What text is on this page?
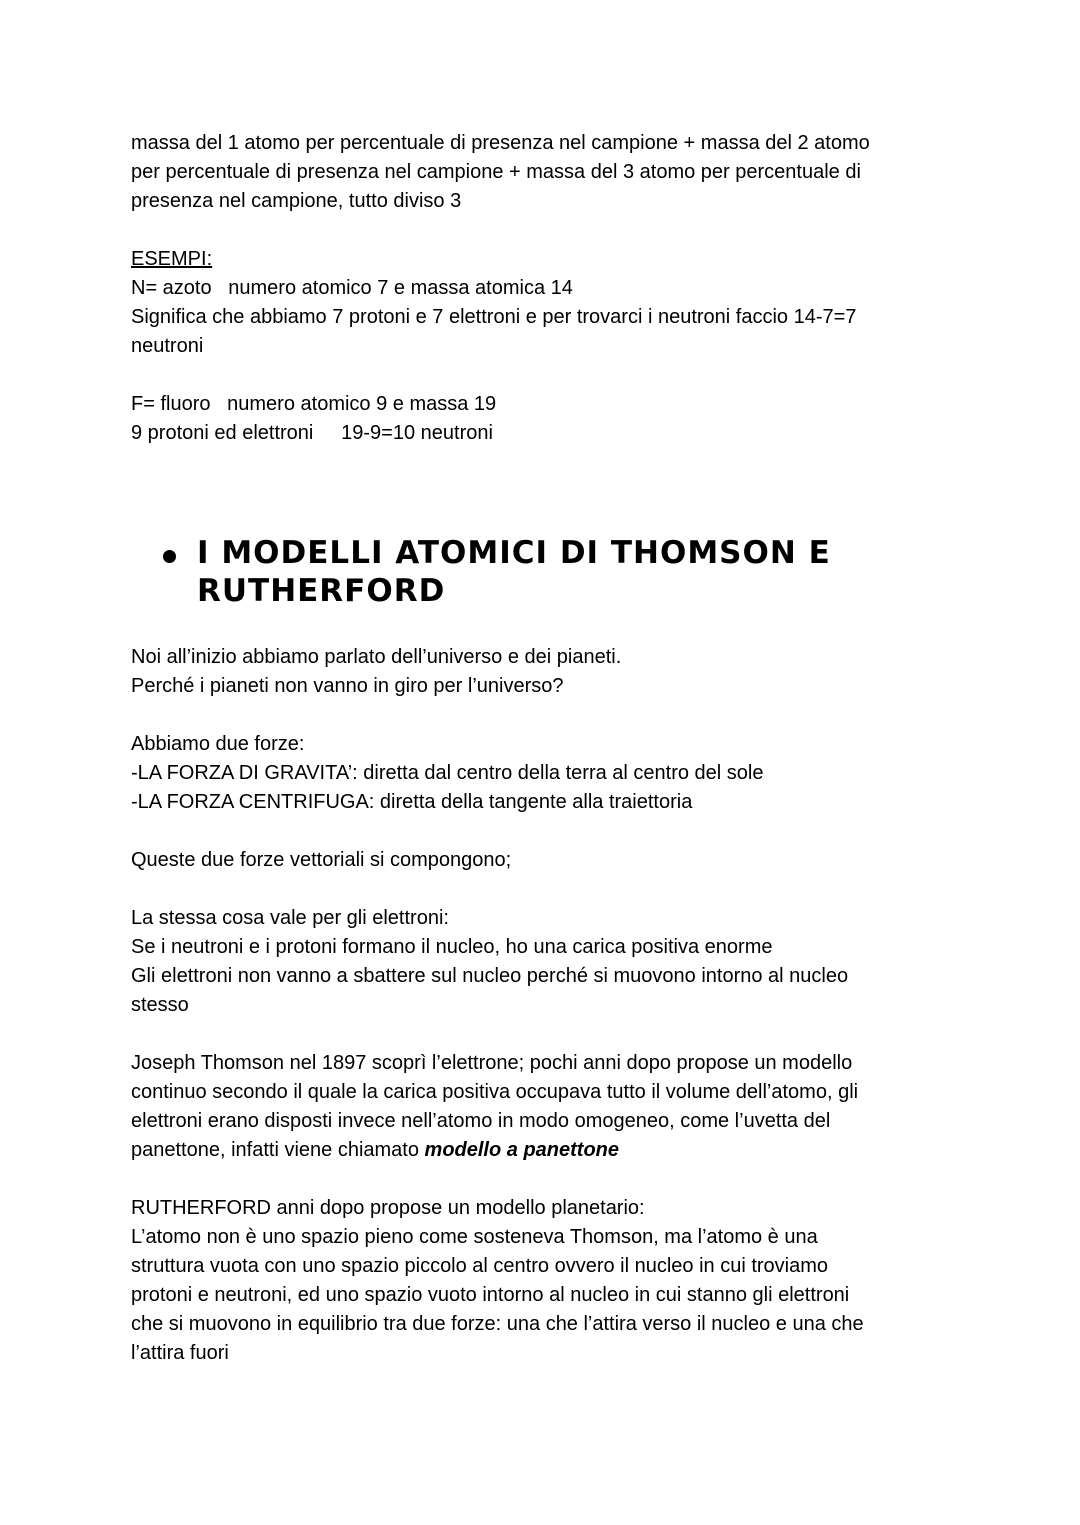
massa del 1 atomo per percentuale di presenza nel campione + massa del 2 atomo

per percentuale di presenza nel campione + massa del 3 atomo per percentuale di

presenza nel campione, tutto diviso 3

ESEMPI:

N= azoto   numero atomico 7 e massa atomica 14

Significa che abbiamo 7 protoni e 7 elettroni e per trovarci i neutroni faccio 14-7=7

neutroni

F= fluoro   numero atomico 9 e massa 19

9 protoni ed elettroni     19-9=10 neutroni

I MODELLI ATOMICI DI THOMSON E
RUTHERFORD

Noi all’inizio abbiamo parlato dell’universo e dei pianeti.

Perché i pianeti non vanno in giro per l’universo?

Abbiamo due forze:

-LA FORZA DI GRAVITA’: diretta dal centro della terra al centro del sole

-LA FORZA CENTRIFUGA: diretta della tangente alla traiettoria

Queste due forze vettoriali si compongono;

La stessa cosa vale per gli elettroni:

Se i neutroni e i protoni formano il nucleo, ho una carica positiva enorme

Gli elettroni non vanno a sbattere sul nucleo perché si muovono intorno al nucleo

stesso

Joseph Thomson nel 1897 scoprì l’elettrone; pochi anni dopo propose un modello

continuo secondo il quale la carica positiva occupava tutto il volume dell’atomo, gli

elettroni erano disposti invece nell’atomo in modo omogeneo, come l’uvetta del

panettone, infatti viene chiamato modello a panettone

RUTHERFORD anni dopo propose un modello planetario:

L’atomo non è uno spazio pieno come sosteneva Thomson, ma l’atomo è una

struttura vuota con uno spazio piccolo al centro ovvero il nucleo in cui troviamo

protoni e neutroni, ed uno spazio vuoto intorno al nucleo in cui stanno gli elettroni

che si muovono in equilibrio tra due forze: una che l’attira verso il nucleo e una che

l’attira fuori
